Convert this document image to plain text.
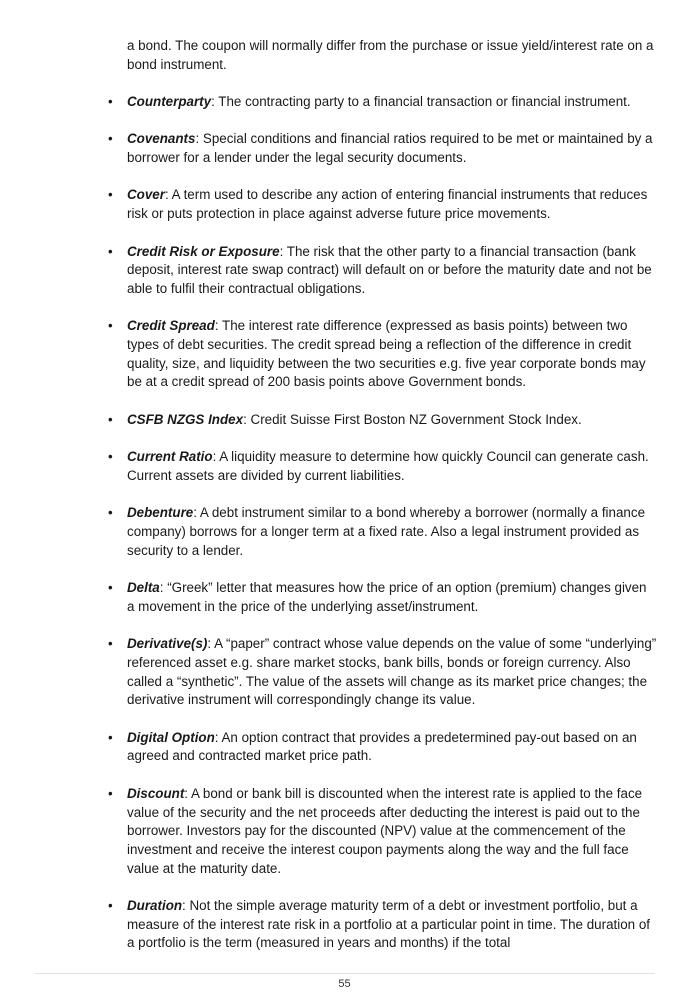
a bond. The coupon will normally differ from the purchase or issue yield/interest rate on a bond instrument.

• Counterparty: The contracting party to a financial transaction or financial instrument.
• Covenants: Special conditions and financial ratios required to be met or maintained by a borrower for a lender under the legal security documents.
• Cover: A term used to describe any action of entering financial instruments that reduces risk or puts protection in place against adverse future price movements.
• Credit Risk or Exposure: The risk that the other party to a financial transaction (bank deposit, interest rate swap contract) will default on or before the maturity date and not be able to fulfil their contractual obligations.
• Credit Spread: The interest rate difference (expressed as basis points) between two types of debt securities. The credit spread being a reflection of the difference in credit quality, size, and liquidity between the two securities e.g. five year corporate bonds may be at a credit spread of 200 basis points above Government bonds.
• CSFB NZGS Index: Credit Suisse First Boston NZ Government Stock Index.
• Current Ratio: A liquidity measure to determine how quickly Council can generate cash. Current assets are divided by current liabilities.
• Debenture: A debt instrument similar to a bond whereby a borrower (normally a finance company) borrows for a longer term at a fixed rate. Also a legal instrument provided as security to a lender.
• Delta: “Greek” letter that measures how the price of an option (premium) changes given a movement in the price of the underlying asset/instrument.
• Derivative(s): A “paper” contract whose value depends on the value of some “underlying” referenced asset e.g. share market stocks, bank bills, bonds or foreign currency. Also called a “synthetic”. The value of the assets will change as its market price changes; the derivative instrument will correspondingly change its value.
• Digital Option: An option contract that provides a predetermined pay-out based on an agreed and contracted market price path.
• Discount: A bond or bank bill is discounted when the interest rate is applied to the face value of the security and the net proceeds after deducting the interest is paid out to the borrower. Investors pay for the discounted (NPV) value at the commencement of the investment and receive the interest coupon payments along the way and the full face value at the maturity date.
• Duration: Not the simple average maturity term of a debt or investment portfolio, but a measure of the interest rate risk in a portfolio at a particular point in time. The duration of a portfolio is the term (measured in years and months) if the total
55
